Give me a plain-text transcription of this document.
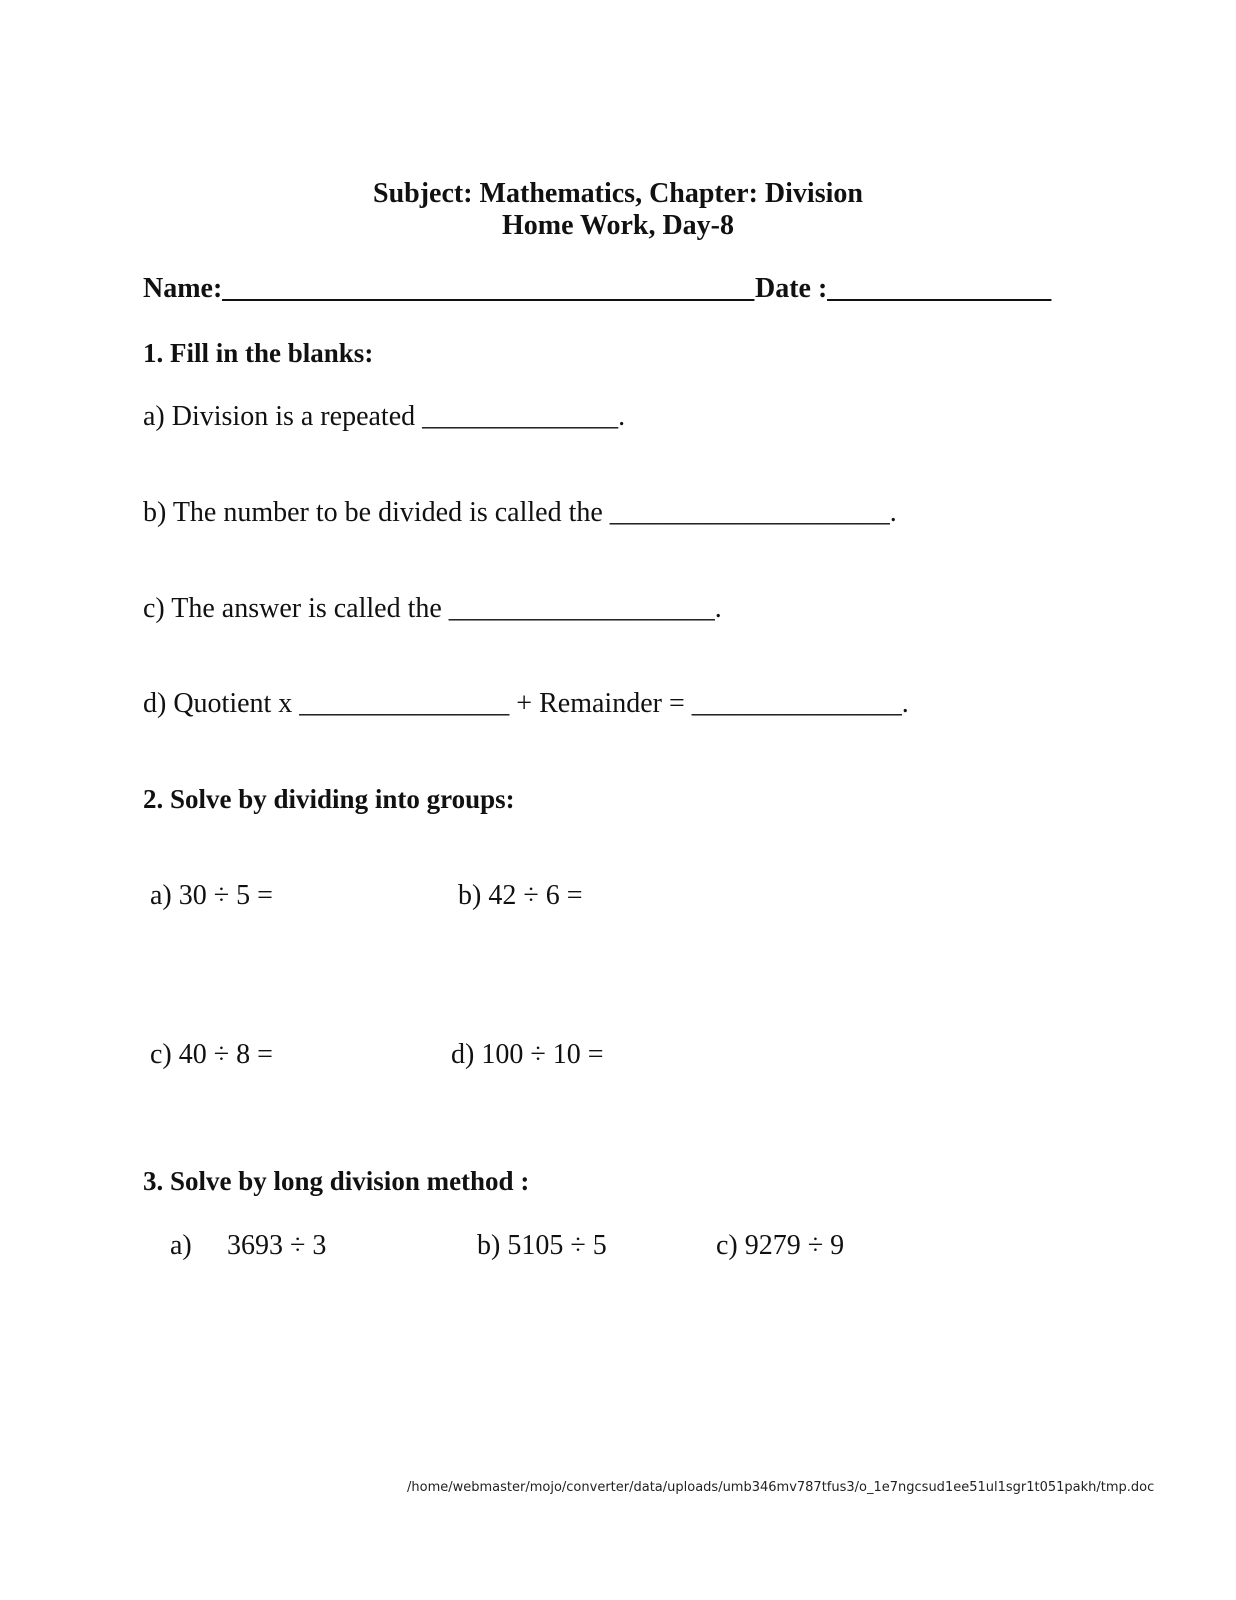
Subject: Mathematics, Chapter: Division
Home Work, Day-8
Name:______________________________________ Date :________________
1. Fill in the blanks:
a) Division is a repeated ______________.
b) The number to be divided is called the ____________________.
c) The answer is called the ___________________.
d) Quotient x _______________ + Remainder = _______________.
2. Solve by dividing into groups:
a) 30 ÷ 5 =	b) 42 ÷ 6 =
c) 40 ÷ 8 =	d) 100 ÷ 10 =
3. Solve by long division method :
a) 3693 ÷ 3	b) 5105 ÷ 5	c) 9279 ÷ 9
/home/webmaster/mojo/converter/data/uploads/umb346mv787tfus3/o_1e7ngcsud1ee51ul1sgr1t051pakh/tmp.doc
